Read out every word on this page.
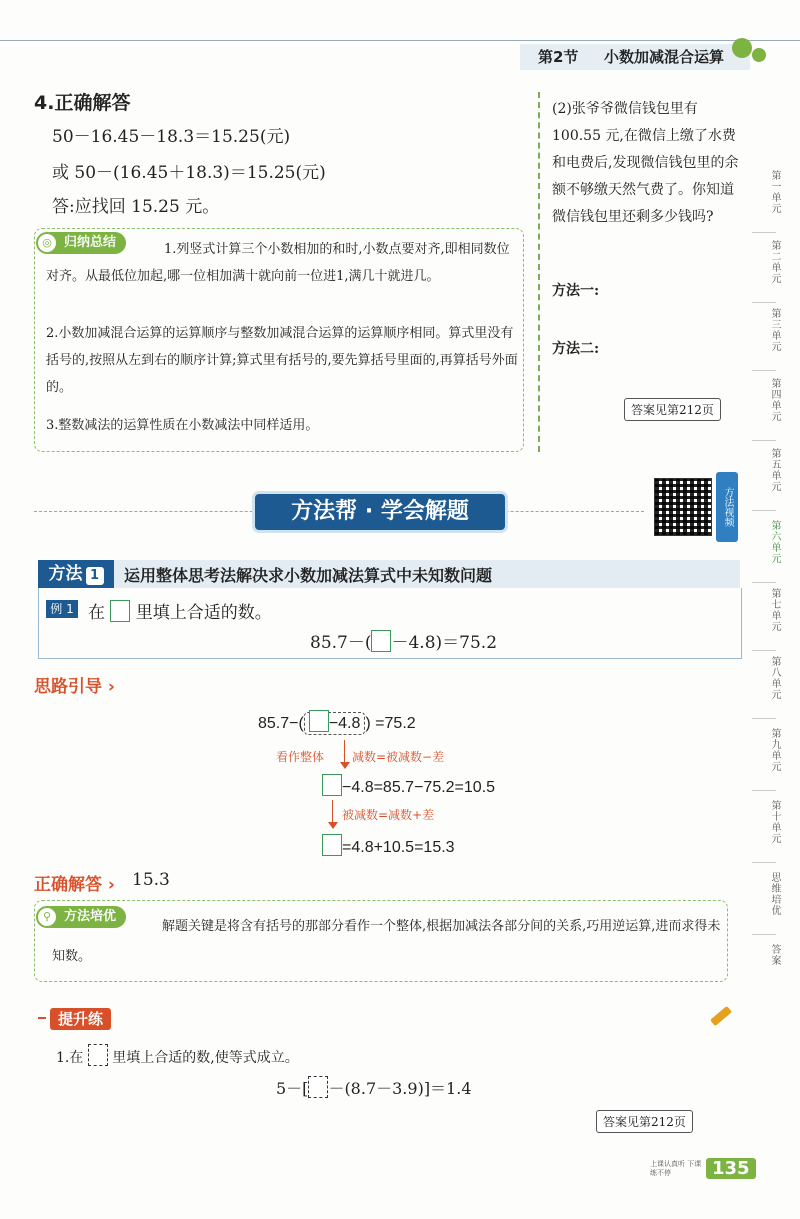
第2节 小数加减混合运算
第一单元
第二单元
第三单元
第四单元
第五单元
第六单元
第七单元
第八单元
第九单元
第十单元
思维培优
答案
4.正确解答
50－16.45－18.3＝15.25(元)
或 50－(16.45＋18.3)＝15.25(元)
答:应找回 15.25 元。
归纳总结
◎	1.列竖式计算三个小数相加的和时,小数点要对齐,即相同数位对齐。从最低位加起,哪一位相加满十就向前一位进1,满几十就进几。
2.小数加减混合运算的运算顺序与整数加减混合运算的运算顺序相同。算式里没有括号的,按照从左到右的顺序计算;算式里有括号的,要先算括号里面的,再算括号外面的。
3.整数减法的运算性质在小数减法中同样适用。
(2)张爷爷微信钱包里有100.55 元,在微信上缴了水费和电费后,发现微信钱包里的余额不够缴天然气费了。你知道微信钱包里还剩多少钱吗?
方法一:
方法二:
答案见第212页
方法帮 · 学会解题	方法视频
方法 1	运用整体思考法解决求小数加减法算式中未知数问题
例 1 在 里填上合适的数。
85.7－( －4.8)＝75.2
思路引导 ›
85.7−( −4.8 ) =75.2
看作整体 减数=被减数−差
−4.8=85.7−75.2=10.5
被减数=减数+差
=4.8+10.5=15.3
正确解答 › 15.3
方法培优
⚲
解题关键是将含有括号的那部分看作一个整体,根据加减法各部分间的关系,巧用逆运算,进而求得未知数。
提升练
1.在 里填上合适的数,使等式成立。
5－[ －(8.7－3.9)]＝1.4
答案见第212页
上课认真听 下课练不停	135
